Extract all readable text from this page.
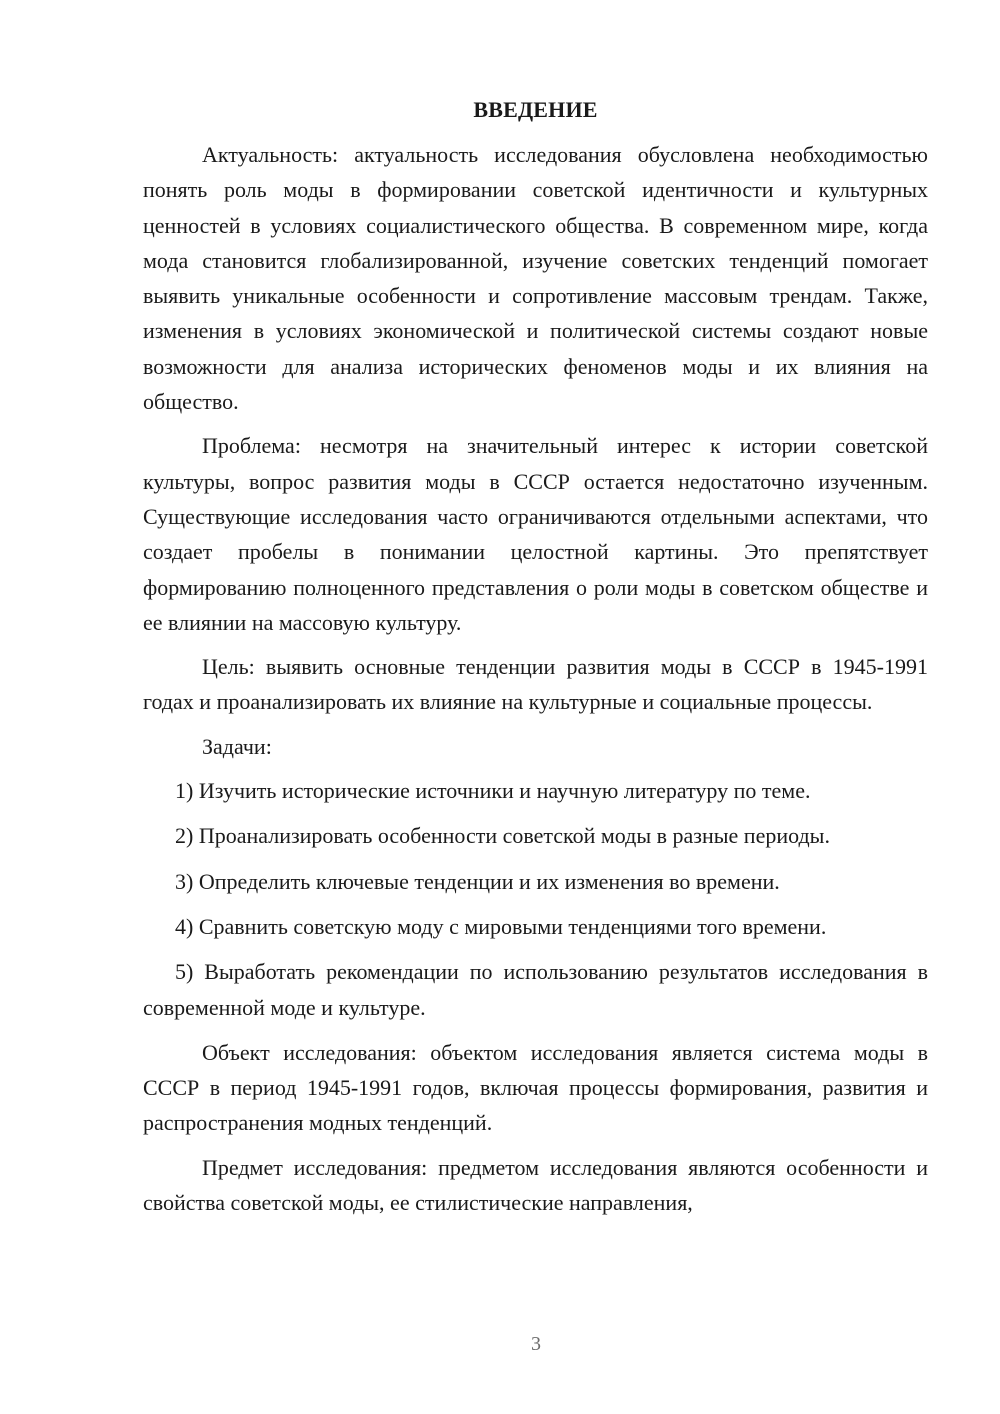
ВВЕДЕНИЕ

Актуальность: актуальность исследования обусловлена необходимостью понять роль моды в формировании советской идентичности и культурных ценностей в условиях социалистического общества. В современном мире, когда мода становится глобализированной, изучение советских тенденций помогает выявить уникальные особенности и сопротивление массовым трендам. Также, изменения в условиях экономической и политической системы создают новые возможности для анализа исторических феноменов моды и их влияния на общество.

Проблема: несмотря на значительный интерес к истории советской культуры, вопрос развития моды в СССР остается недостаточно изученным. Существующие исследования часто ограничиваются отдельными аспектами, что создает пробелы в понимании целостной картины. Это препятствует формированию полноценного представления о роли моды в советском обществе и ее влиянии на массовую культуру.

Цель: выявить основные тенденции развития моды в СССР в 1945-1991 годах и проанализировать их влияние на культурные и социальные процессы.

Задачи:

1) Изучить исторические источники и научную литературу по теме.

2) Проанализировать особенности советской моды в разные периоды.

3) Определить ключевые тенденции и их изменения во времени.

4) Сравнить советскую моду с мировыми тенденциями того времени.

5) Выработать рекомендации по использованию результатов исследования в современной моде и культуре.

Объект исследования: объектом исследования является система моды в СССР в период 1945-1991 годов, включая процессы формирования, развития и распространения модных тенденций.

Предмет исследования: предметом исследования являются особенности и свойства советской моды, ее стилистические направления,

3
